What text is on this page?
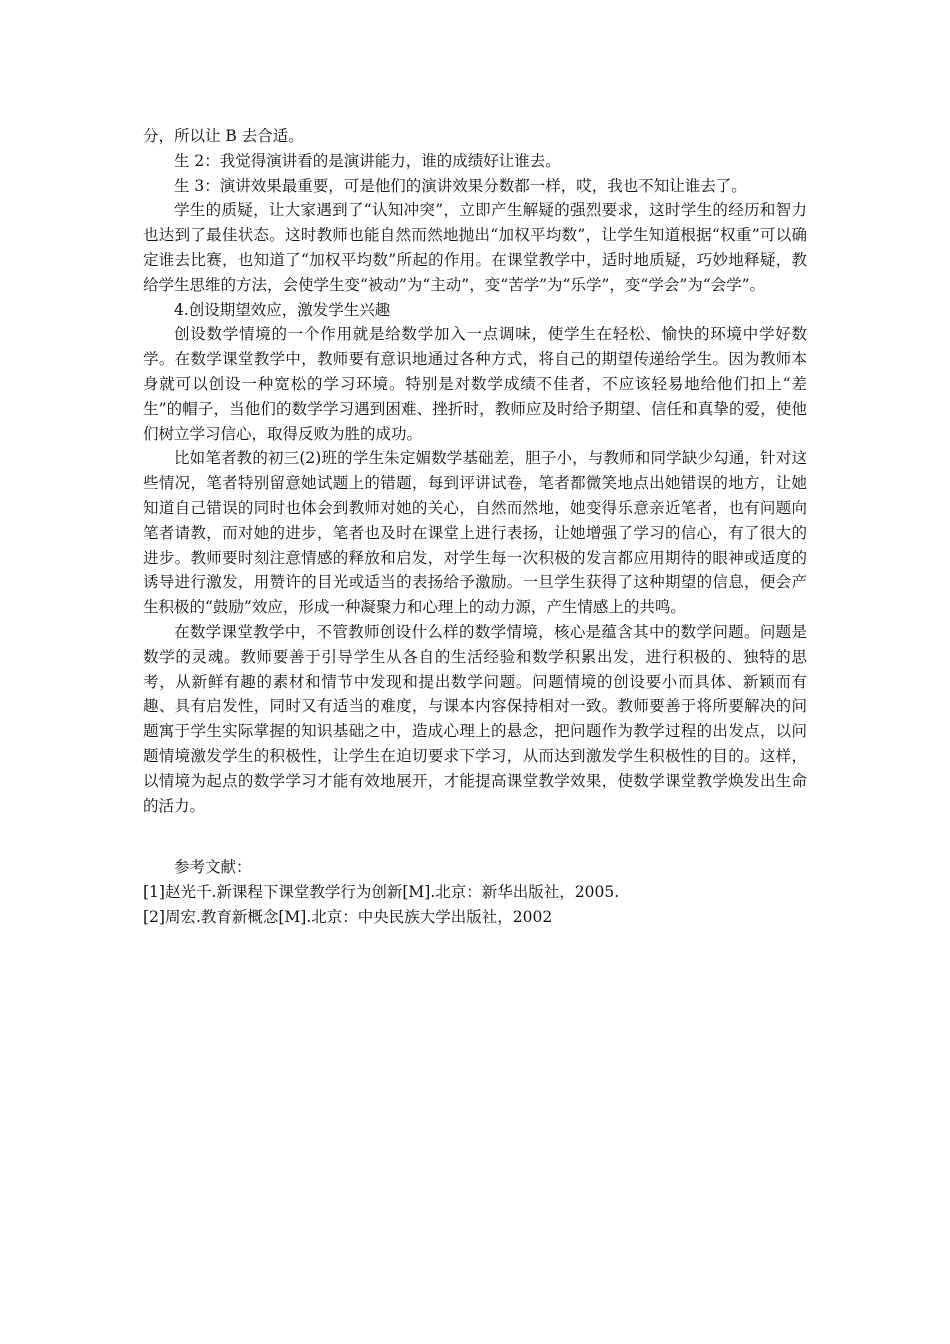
分，所以让 B 去合适。

生 2：我觉得演讲看的是演讲能力，谁的成绩好让谁去。

生 3：演讲效果最重要，可是他们的演讲效果分数都一样，哎，我也不知让谁去了。

学生的质疑，让大家遇到了“认知冲突”，立即产生解疑的强烈要求，这时学生的经历和智力也达到了最佳状态。这时教师也能自然而然地抛出“加权平均数”，让学生知道根据“权重”可以确定谁去比赛，也知道了“加权平均数”所起的作用。在课堂教学中，适时地质疑，巧妙地释疑，教给学生思维的方法，会使学生变“被动”为“主动”，变“苦学”为“乐学”，变“学会”为“会学”。

4.创设期望效应，激发学生兴趣

创设数学情境的一个作用就是给数学加入一点调味，使学生在轻松、愉快的环境中学好数学。在数学课堂教学中，教师要有意识地通过各种方式，将自己的期望传递给学生。因为教师本身就可以创设一种宽松的学习环境。特别是对数学成绩不佳者，不应该轻易地给他们扣上“差生”的帽子，当他们的数学学习遇到困难、挫折时，教师应及时给予期望、信任和真挚的爱，使他们树立学习信心，取得反败为胜的成功。

比如笔者教的初三(2)班的学生朱定媚数学基础差，胆子小，与教师和同学缺少勾通，针对这些情况，笔者特别留意她试题上的错题，每到评讲试卷，笔者都微笑地点出她错误的地方，让她知道自己错误的同时也体会到教师对她的关心，自然而然地，她变得乐意亲近笔者，也有问题向笔者请教，而对她的进步，笔者也及时在课堂上进行表扬，让她增强了学习的信心，有了很大的进步。教师要时刻注意情感的释放和启发，对学生每一次积极的发言都应用期待的眼神或适度的诱导进行激发，用赞许的目光或适当的表扬给予激励。一旦学生获得了这种期望的信息，便会产生积极的“鼓励”效应，形成一种凝聚力和心理上的动力源，产生情感上的共鸣。

在数学课堂教学中，不管教师创设什么样的数学情境，核心是蕴含其中的数学问题。问题是数学的灵魂。教师要善于引导学生从各自的生活经验和数学积累出发，进行积极的、独特的思考，从新鲜有趣的素材和情节中发现和提出数学问题。问题情境的创设要小而具体、新颖而有趣、具有启发性，同时又有适当的难度，与课本内容保持相对一致。教师要善于将所要解决的问题寓于学生实际掌握的知识基础之中，造成心理上的悬念，把问题作为教学过程的出发点，以问题情境激发学生的积极性，让学生在迫切要求下学习，从而达到激发学生积极性的目的。这样，以情境为起点的数学学习才能有效地展开，才能提高课堂教学效果，使数学课堂教学焕发出生命的活力。

参考文献：

[1]赵光千.新课程下课堂教学行为创新[M].北京：新华出版社，2005.

[2]周宏.教育新概念[M].北京：中央民族大学出版社，2002
